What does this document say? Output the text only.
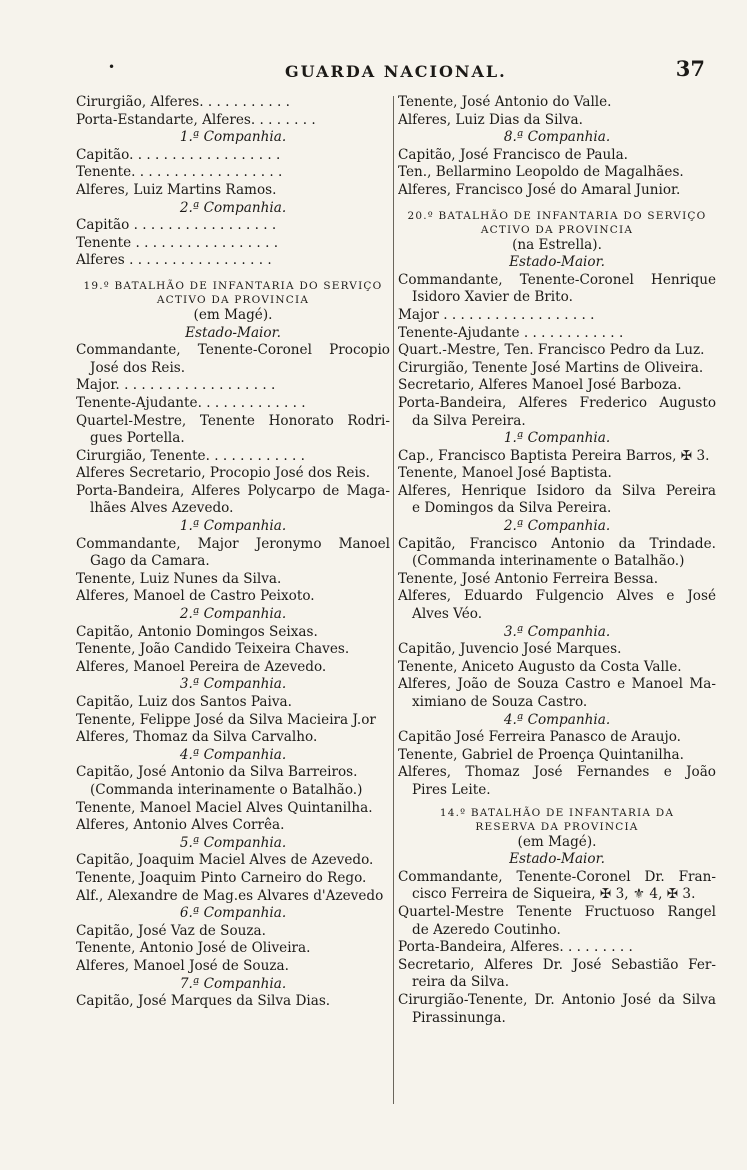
•	GUARDA NACIONAL.	37
Cirurgião, Alferes. . . . . . . . . . .
Porta-Estandarte, Alferes. . . . . . . .
1.ª Companhia.
Capitão. . . . . . . . . . . . . . . . . .
Tenente. . . . . . . . . . . . . . . . . .
Alferes, Luiz Martins Ramos.
2.ª Companhia.
Capitão . . . . . . . . . . . . . . . . .
Tenente . . . . . . . . . . . . . . . . .
Alferes . . . . . . . . . . . . . . . . .
19.º BATALHÃO DE INFANTARIA DO SERVIÇO
ACTIVO DA PROVINCIA
(em Magé).
Estado-Maior.
Commandante, Tenente-Coronel Procopio
José dos Reis.
Major. . . . . . . . . . . . . . . . . . .
Tenente-Ajudante. . . . . . . . . . . . .
Quartel-Mestre, Tenente Honorato Rodri-
gues Portella.
Cirurgião, Tenente. . . . . . . . . . . .
Alferes Secretario, Procopio José dos Reis.
Porta-Bandeira, Alferes Polycarpo de Maga-
lhães Alves Azevedo.
1.ª Companhia.
Commandante, Major Jeronymo Manoel
Gago da Camara.
Tenente, Luiz Nunes da Silva.
Alferes, Manoel de Castro Peixoto.
2.ª Companhia.
Capitão, Antonio Domingos Seixas.
Tenente, João Candido Teixeira Chaves.
Alferes, Manoel Pereira de Azevedo.
3.ª Companhia.
Capitão, Luiz dos Santos Paiva.
Tenente, Felippe José da Silva Macieira J.or
Alferes, Thomaz da Silva Carvalho.
4.ª Companhia.
Capitão, José Antonio da Silva Barreiros.
(Commanda interinamente o Batalhão.)
Tenente, Manoel Maciel Alves Quintanilha.
Alferes, Antonio Alves Corrêa.
5.ª Companhia.
Capitão, Joaquim Maciel Alves de Azevedo.
Tenente, Joaquim Pinto Carneiro do Rego.
Alf., Alexandre de Mag.es Alvares d'Azevedo
6.ª Companhia.
Capitão, José Vaz de Souza.
Tenente, Antonio José de Oliveira.
Alferes, Manoel José de Souza.
7.ª Companhia.
Capitão, José Marques da Silva Dias.
Tenente, José Antonio do Valle.
Alferes, Luiz Dias da Silva.
8.ª Companhia.
Capitão, José Francisco de Paula.
Ten., Bellarmino Leopoldo de Magalhães.
Alferes, Francisco José do Amaral Junior.
20.º BATALHÃO DE INFANTARIA DO SERVIÇO
ACTIVO DA PROVINCIA
(na Estrella).
Estado-Maior.
Commandante, Tenente-Coronel Henrique
Isidoro Xavier de Brito.
Major . . . . . . . . . . . . . . . . . .
Tenente-Ajudante . . . . . . . . . . . .
Quart.-Mestre, Ten. Francisco Pedro da Luz.
Cirurgião, Tenente José Martins de Oliveira.
Secretario, Alferes Manoel José Barboza.
Porta-Bandeira, Alferes Frederico Augusto
da Silva Pereira.
1.ª Companhia.
Cap., Francisco Baptista Pereira Barros, ✠ 3.
Tenente, Manoel José Baptista.
Alferes, Henrique Isidoro da Silva Pereira
e Domingos da Silva Pereira.
2.ª Companhia.
Capitão, Francisco Antonio da Trindade.
(Commanda interinamente o Batalhão.)
Tenente, José Antonio Ferreira Bessa.
Alferes, Eduardo Fulgencio Alves e José
Alves Véo.
3.ª Companhia.
Capitão, Juvencio José Marques.
Tenente, Aniceto Augusto da Costa Valle.
Alferes, João de Souza Castro e Manoel Ma-
ximiano de Souza Castro.
4.ª Companhia.
Capitão José Ferreira Panasco de Araujo.
Tenente, Gabriel de Proença Quintanilha.
Alferes, Thomaz José Fernandes e João
Pires Leite.
14.º BATALHÃO DE INFANTARIA DA
RESERVA DA PROVINCIA
(em Magé).
Estado-Maior.
Commandante, Tenente-Coronel Dr. Fran-
cisco Ferreira de Siqueira, ✠ 3, ⚜ 4, ✠ 3.
Quartel-Mestre Tenente Fructuoso Rangel
de Azeredo Coutinho.
Porta-Bandeira, Alferes. . . . . . . . .
Secretario, Alferes Dr. José Sebastião Fer-
reira da Silva.
Cirurgião-Tenente, Dr. Antonio José da Silva
Pirassinunga.
